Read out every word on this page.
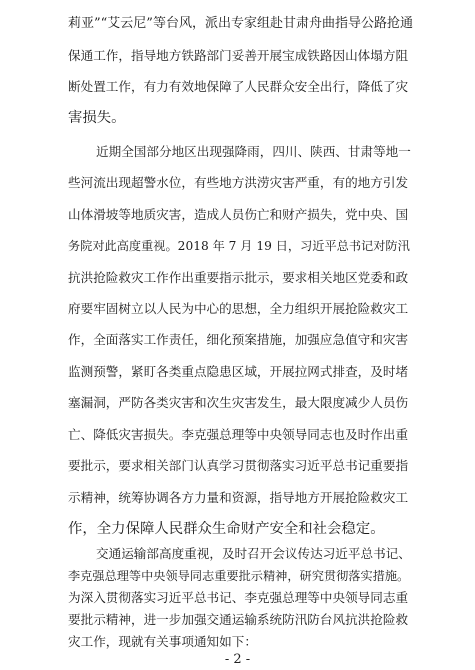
莉亚”“艾云尼”等台风，派出专家组赴甘肃舟曲指导公路抢通
保通工作，指导地方铁路部门妥善开展宝成铁路因山体塌方阻
断处置工作，有力有效地保障了人民群众安全出行，降低了灾
害损失。
近期全国部分地区出现强降雨，四川、陕西、甘肃等地一
些河流出现超警水位，有些地方洪涝灾害严重，有的地方引发
山体滑坡等地质灾害，造成人员伤亡和财产损失，党中央、国
务院对此高度重视。2018 年 7 月 19 日，习近平总书记对防汛
抗洪抢险救灾工作作出重要指示批示，要求相关地区党委和政
府要牢固树立以人民为中心的思想，全力组织开展抢险救灾工
作，全面落实工作责任，细化预案措施，加强应急值守和灾害
监测预警，紧盯各类重点隐患区域，开展拉网式排查，及时堵
塞漏洞，严防各类灾害和次生灾害发生，最大限度减少人员伤
亡、降低灾害损失。李克强总理等中央领导同志也及时作出重
要批示，要求相关部门认真学习贯彻落实习近平总书记重要指
示精神，统筹协调各方力量和资源，指导地方开展抢险救灾工
作，全力保障人民群众生命财产安全和社会稳定。
交通运输部高度重视，及时召开会议传达习近平总书记、
李克强总理等中央领导同志重要批示精神，研究贯彻落实措施。
为深入贯彻落实习近平总书记、李克强总理等中央领导同志重
要批示精神，进一步加强交通运输系统防汛防台风抗洪抢险救
灾工作，现就有关事项通知如下：
- 2 -
